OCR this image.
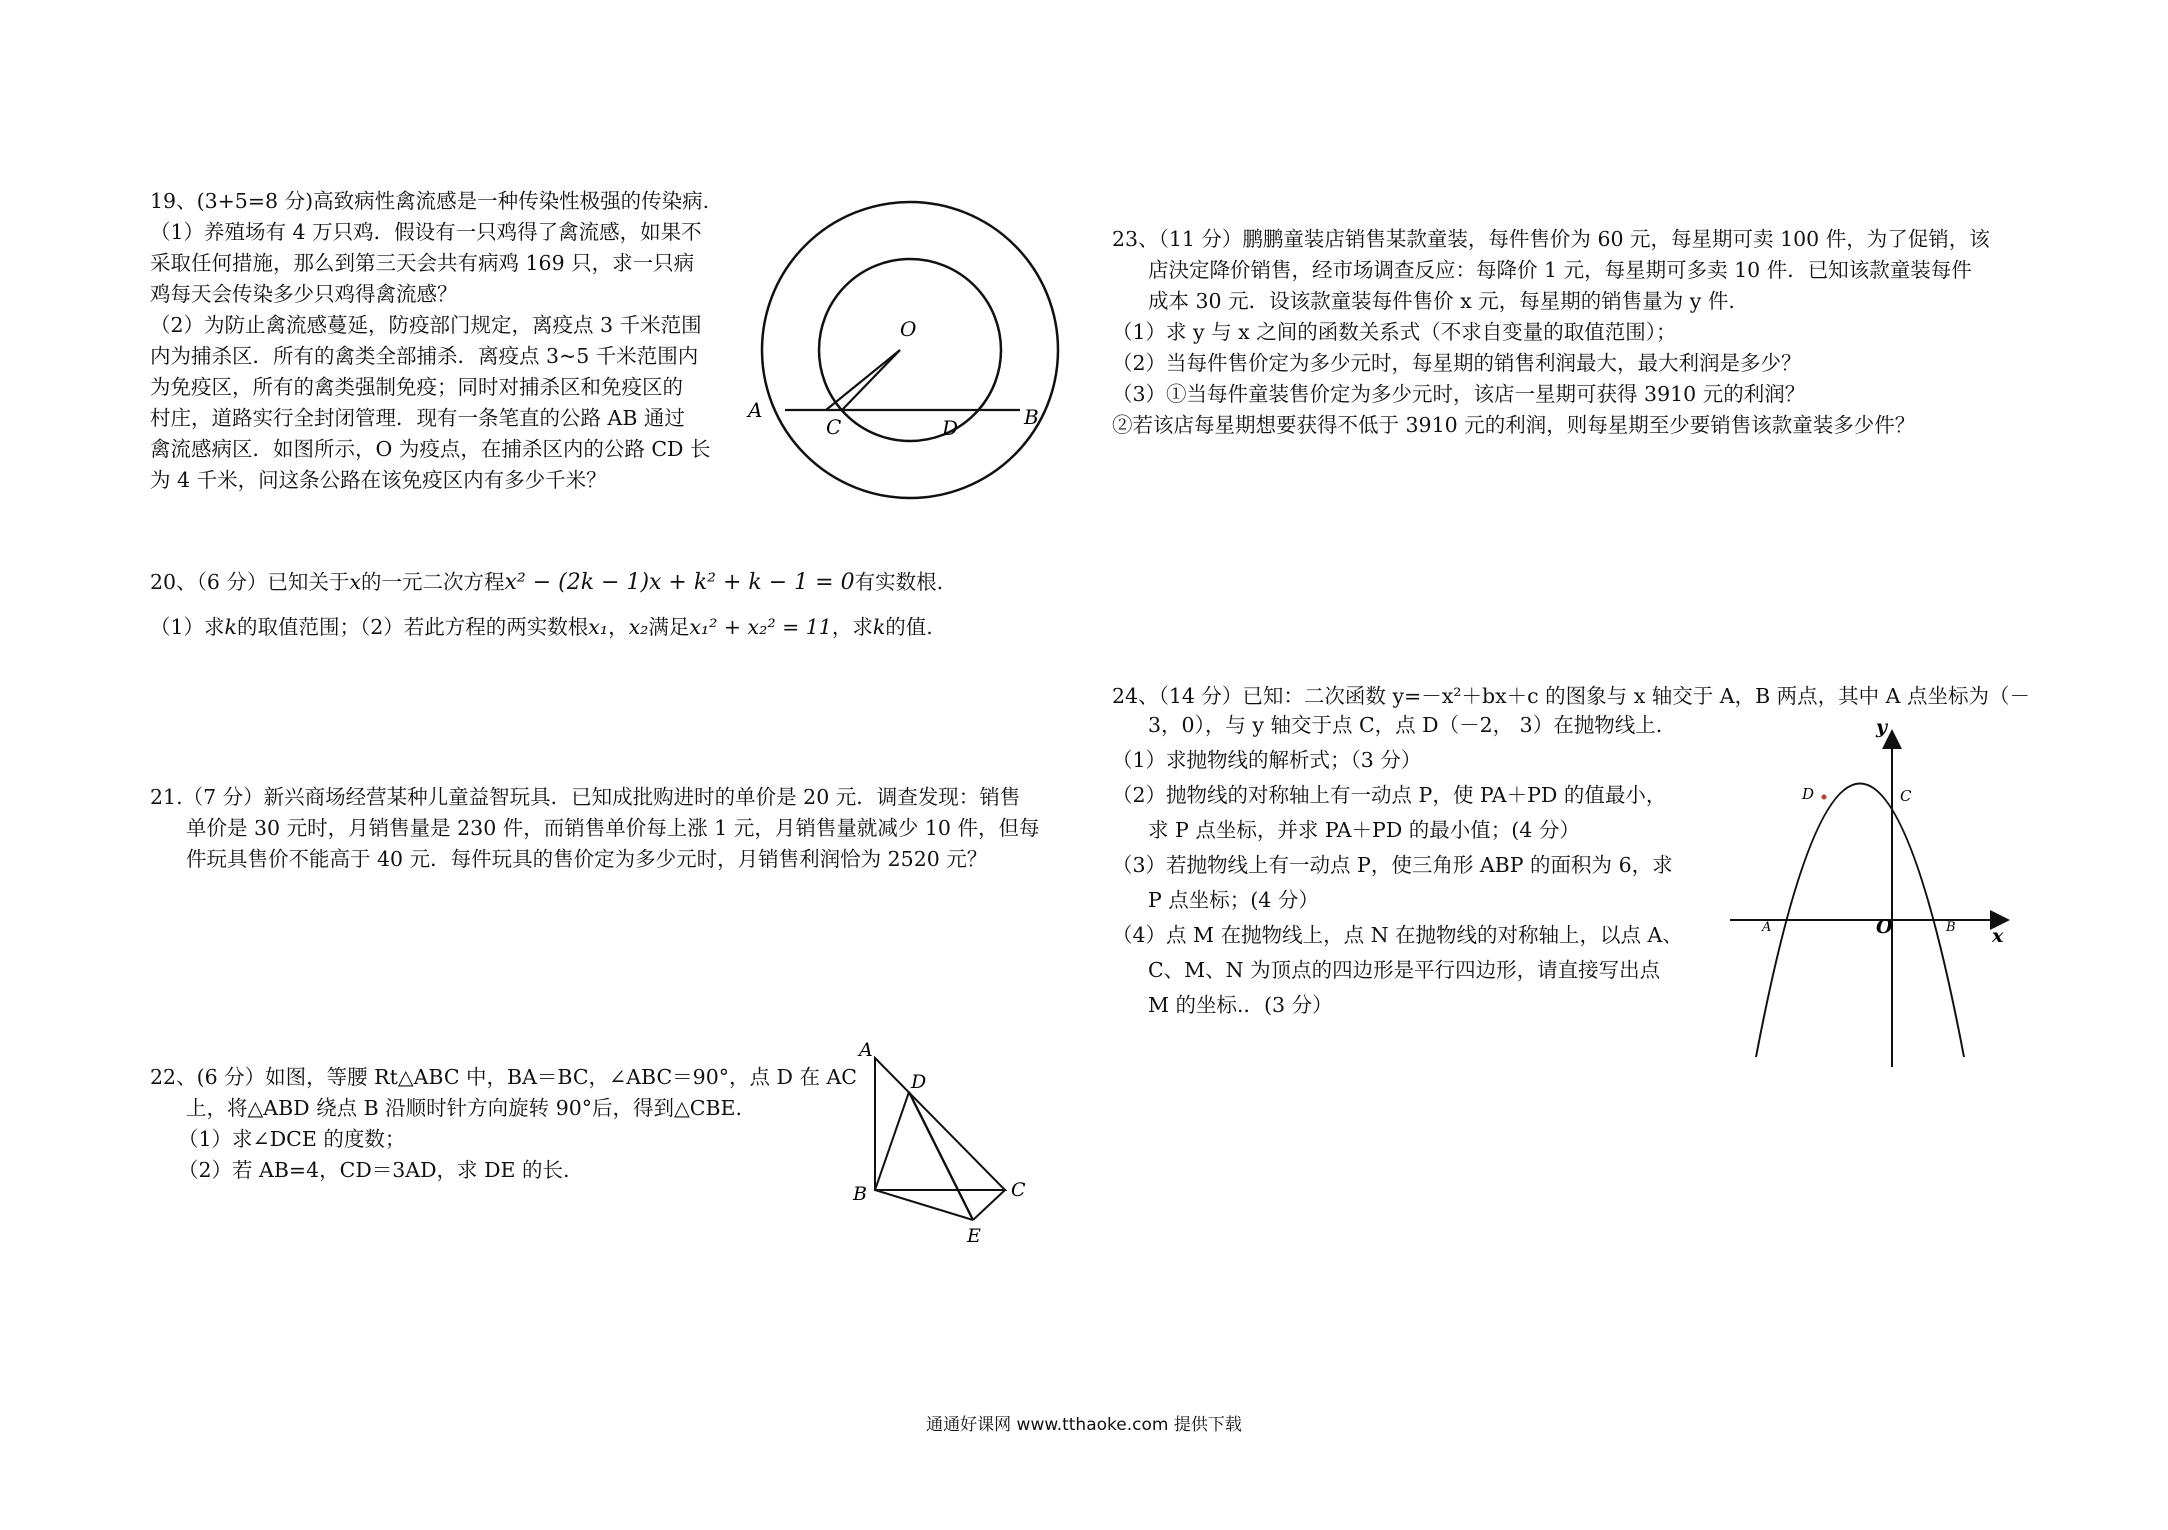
19、(3+5=8 分)高致病性禽流感是一种传染性极强的传染病.
（1）养殖场有 4 万只鸡．假设有一只鸡得了禽流感，如果不
采取任何措施，那么到第三天会共有病鸡 169 只，求一只病
鸡每天会传染多少只鸡得禽流感？
（2）为防止禽流感蔓延，防疫部门规定，离疫点 3 千米范围
内为捕杀区．所有的禽类全部捕杀．离疫点 3~5 千米范围内
为免疫区，所有的禽类强制免疫；同时对捕杀区和免疫区的
村庄，道路实行全封闭管理．现有一条笔直的公路 AB 通过
禽流感病区．如图所示，O 为疫点，在捕杀区内的公路 CD 长
为 4 千米，问这条公路在该免疫区内有多少千米？
O
A	B
C	D
20、（6 分）已知关于x的一元二次方程x² − (2k − 1)x + k² + k − 1 = 0有实数根.
（1）求k的取值范围；（2）若此方程的两实数根x₁，x₂满足x₁² + x₂² = 11，求k的值.
21.（7 分）新兴商场经营某种儿童益智玩具．已知成批购进时的单价是 20 元．调查发现：销售
单价是 30 元时，月销售量是 230 件，而销售单价每上涨 1 元，月销售量就减少 10 件，但每
件玩具售价不能高于 40 元．每件玩具的售价定为多少元时，月销售利润恰为 2520 元？
22、(6 分）如图，等腰 Rt△ABC 中，BA＝BC，∠ABC＝90°，点 D 在 AC
上，将△ABD 绕点 B 沿顺时针方向旋转 90°后，得到△CBE.
（1）求∠DCE 的度数；
（2）若 AB=4，CD＝3AD，求 DE 的长.
A
D
B	C
E
23、（11 分）鹏鹏童装店销售某款童装，每件售价为 60 元，每星期可卖 100 件，为了促销，该
店決定降价销售，经市场调查反应：每降价 1 元，每星期可多卖 10 件．已知该款童装每件
成本 30 元．设该款童装每件售价 x 元，每星期的销售量为 y 件.
（1）求 y 与 x 之间的函数关系式（不求自变量的取值范围）；
（2）当每件售价定为多少元时，每星期的销售利润最大，最大利润是多少？
（3）①当每件童装售价定为多少元时，该店一星期可获得 3910 元的利润？
②若该店每星期想要获得不低于 3910 元的利润，则每星期至少要销售该款童装多少件？
24、（14 分）已知：二次函数 y=－x²＋bx＋c 的图象与 x 轴交于 A，B 两点，其中 A 点坐标为（－
3，0），与 y 轴交于点 C，点 D（－2， 3）在抛物线上.
（1）求抛物线的解析式；（3 分）
（2）抛物线的对称轴上有一动点 P，使 PA＋PD 的值最小，
求 P 点坐标，并求 PA＋PD 的最小值；(4 分）
（3）若抛物线上有一动点 P，使三角形 ABP 的面积为 6，求
P 点坐标；(4 分）
（4）点 M 在抛物线上，点 N 在抛物线的对称轴上，以点 A、
C、M、N 为顶点的四边形是平行四边形，请直接写出点
M 的坐标.．(3 分）
y
x
D	C
A	O	B
通通好课网 www.tthaoke.com 提供下载
